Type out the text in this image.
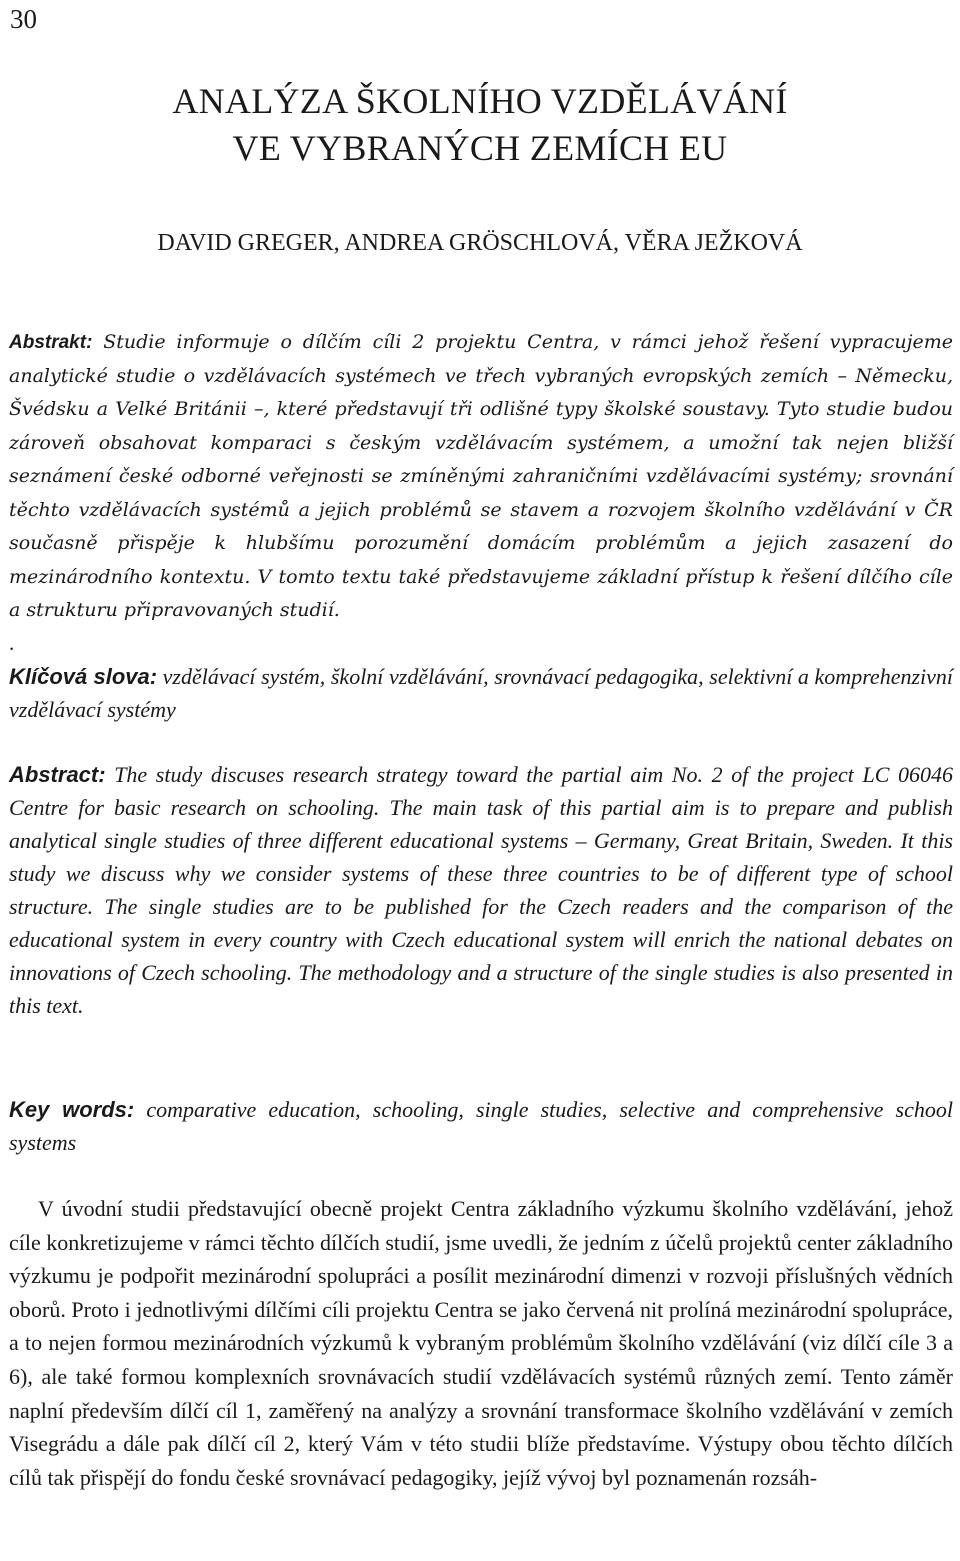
30
ANALÝZA ŠKOLNÍHO VZDĚLÁVÁNÍ
VE VYBRANÝCH ZEMÍCH EU
DAVID GREGER, ANDREA GRÖSCHLOVÁ, VĚRA JEŽKOVÁ
Abstrakt: Studie informuje o dílčím cíli 2 projektu Centra, v rámci jehož řešení vypracujeme analytické studie o vzdělávacích systémech ve třech vybraných evropských zemích – Německu, Švédsku a Velké Británii –, které představují tři odlišné typy školské soustavy. Tyto studie budou zároveň obsahovat komparaci s českým vzdělávacím systémem, a umožní tak nejen bližší seznámení české odborné veřejnosti se zmíněnými zahraničními vzdělávacími systémy; srovnání těchto vzdělávacích systémů a jejich problémů se stavem a rozvojem školního vzdělávání v ČR současně přispěje k hlubšímu porozumění domácím problémům a jejich zasazení do mezinárodního kontextu. V tomto textu také představujeme základní přístup k řešení dílčího cíle a strukturu připravovaných studií.
.
Klíčová slova: vzdělávací systém, školní vzdělávání, srovnávací pedagogika, selektivní a komprehenzivní vzdělávací systémy
Abstract: The study discuses research strategy toward the partial aim No. 2 of the project LC 06046 Centre for basic research on schooling. The main task of this partial aim is to prepare and publish analytical single studies of three different educational systems – Germany, Great Britain, Sweden. It this study we discuss why we consider systems of these three countries to be of different type of school structure. The single studies are to be published for the Czech readers and the comparison of the educational system in every country with Czech educational system will enrich the national debates on innovations of Czech schooling. The methodology and a structure of the single studies is also presented in this text.
Key words: comparative education, schooling, single studies, selective and comprehensive school systems
V úvodní studii představující obecně projekt Centra základního výzkumu školního vzdělávání, jehož cíle konkretizujeme v rámci těchto dílčích studií, jsme uvedli, že jedním z účelů projektů center základního výzkumu je podpořit mezinárodní spolupráci a posílit mezinárodní dimenzi v rozvoji příslušných vědních oborů. Proto i jednotlivými dílčími cíli projektu Centra se jako červená nit prolíná mezinárodní spolupráce, a to nejen formou mezinárodních výzkumů k vybraným problémům školního vzdělávání (viz dílčí cíle 3 a 6), ale také formou komplexních srovnávacích studií vzdělávacích systémů různých zemí. Tento záměr naplní především dílčí cíl 1, zaměřený na analýzy a srovnání transformace školního vzdělávání v zemích Visegrádu a dále pak dílčí cíl 2, který Vám v této studii blíže představíme. Výstupy obou těchto dílčích cílů tak přispějí do fondu české srovnávací pedagogiky, jejíž vývoj byl poznamenán rozsáh-
